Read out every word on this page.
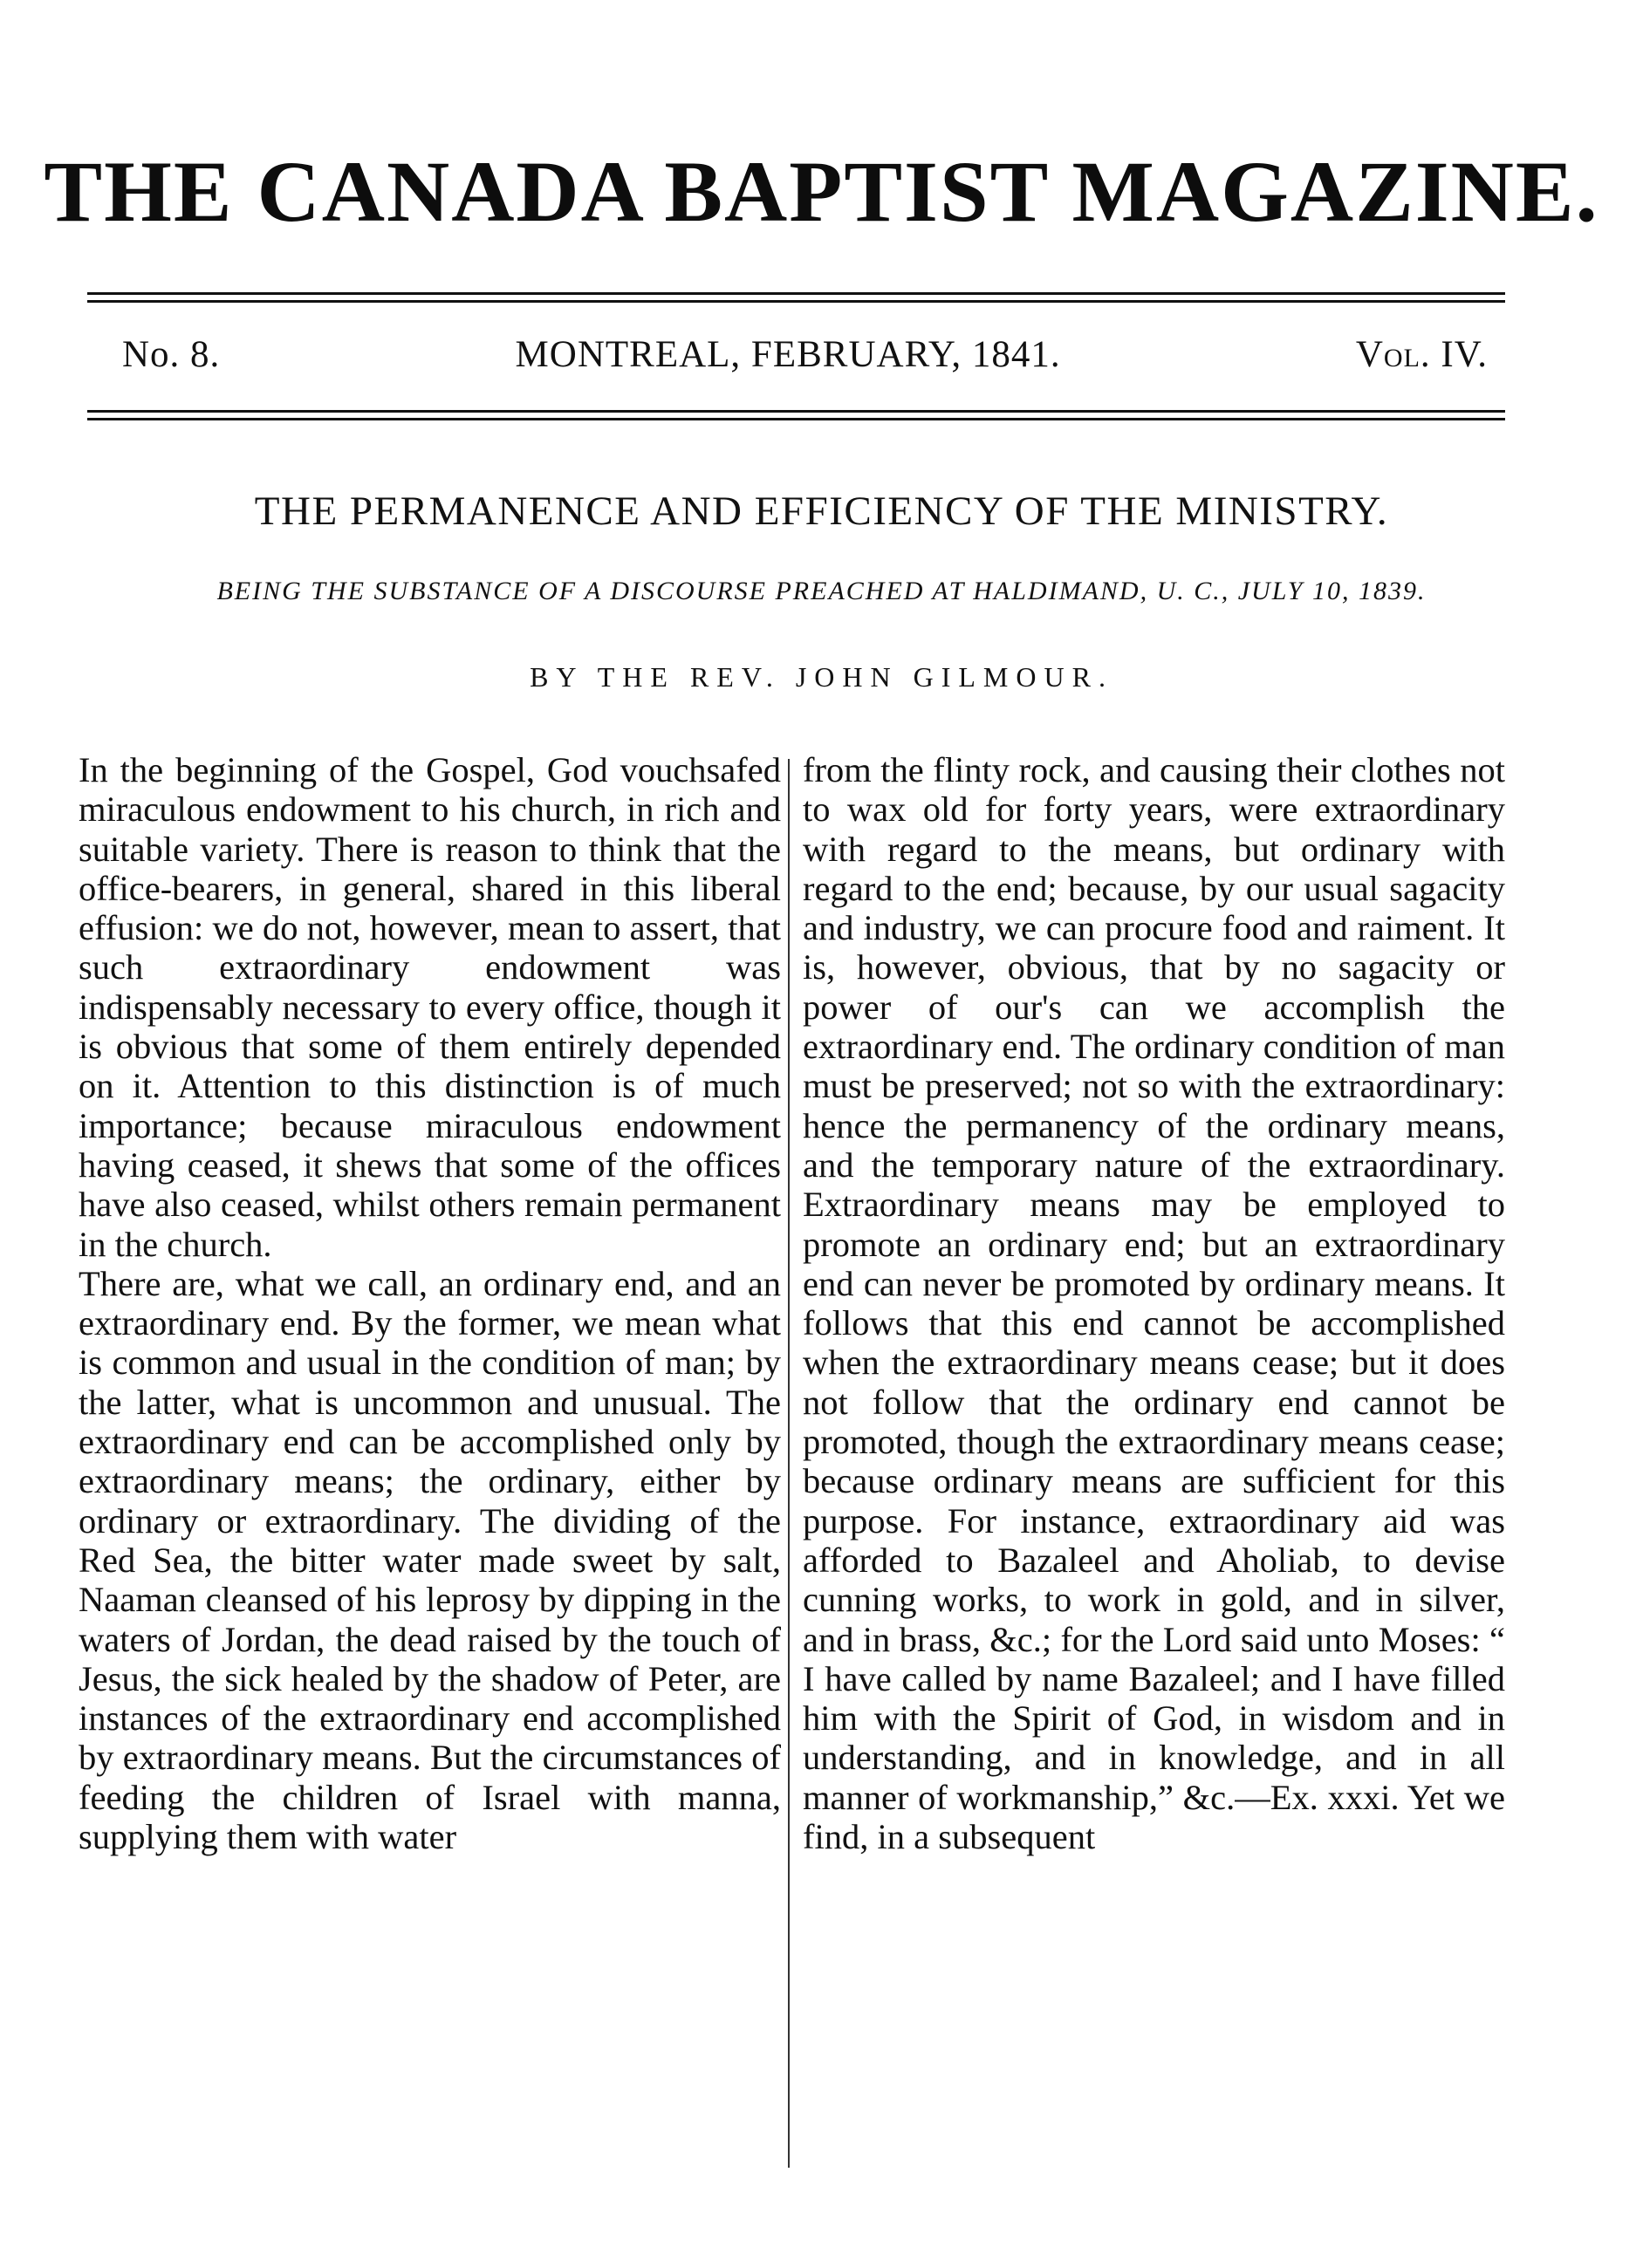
THE CANADA BAPTIST MAGAZINE.
No. 8.	MONTREAL, FEBRUARY, 1841.	Vol. IV.
THE PERMANENCE AND EFFICIENCY OF THE MINISTRY.
BEING THE SUBSTANCE OF A DISCOURSE PREACHED AT HALDIMAND, U. C., JULY 10, 1839.
BY THE REV. JOHN GILMOUR.

In the beginning of the Gospel, God vouchsafed miraculous endowment to his church, in rich and suitable variety. There is reason to think that the office-bearers, in general, shared in this liberal effusion: we do not, however, mean to assert, that such extraordinary endowment was indispensably necessary to every office, though it is obvious that some of them entirely depended on it. Attention to this distinction is of much importance; because miraculous endowment having ceased, it shews that some of the offices have also ceased, whilst others remain permanent in the church.

There are, what we call, an ordinary end, and an extraordinary end. By the former, we mean what is common and usual in the condition of man; by the latter, what is uncommon and unusual. The extraordinary end can be accomplished only by extraordinary means; the ordinary, either by ordinary or extraordinary. The dividing of the Red Sea, the bitter water made sweet by salt, Naaman cleansed of his leprosy by dipping in the waters of Jordan, the dead raised by the touch of Jesus, the sick healed by the shadow of Peter, are instances of the extraordinary end accomplished by extraordinary means. But the circumstances of feeding the children of Israel with manna, supplying them with water

from the flinty rock, and causing their clothes not to wax old for forty years, were extraordinary with regard to the means, but ordinary with regard to the end; because, by our usual sagacity and industry, we can procure food and raiment. It is, however, obvious, that by no sagacity or power of our's can we accomplish the extraordinary end. The ordinary condition of man must be preserved; not so with the extraordinary: hence the permanency of the ordinary means, and the temporary nature of the extraordinary. Extraordinary means may be employed to promote an ordinary end; but an extraordinary end can never be promoted by ordinary means. It follows that this end cannot be accomplished when the extraordinary means cease; but it does not follow that the ordinary end cannot be promoted, though the extraordinary means cease; because ordinary means are sufficient for this purpose. For instance, extraordinary aid was afforded to Bazaleel and Aholiab, to devise cunning works, to work in gold, and in silver, and in brass, &c.; for the Lord said unto Moses: “ I have called by name Bazaleel; and I have filled him with the Spirit of God, in wisdom and in understanding, and in knowledge, and in all manner of workmanship,” &c.—Ex. xxxi. Yet we find, in a subsequent
